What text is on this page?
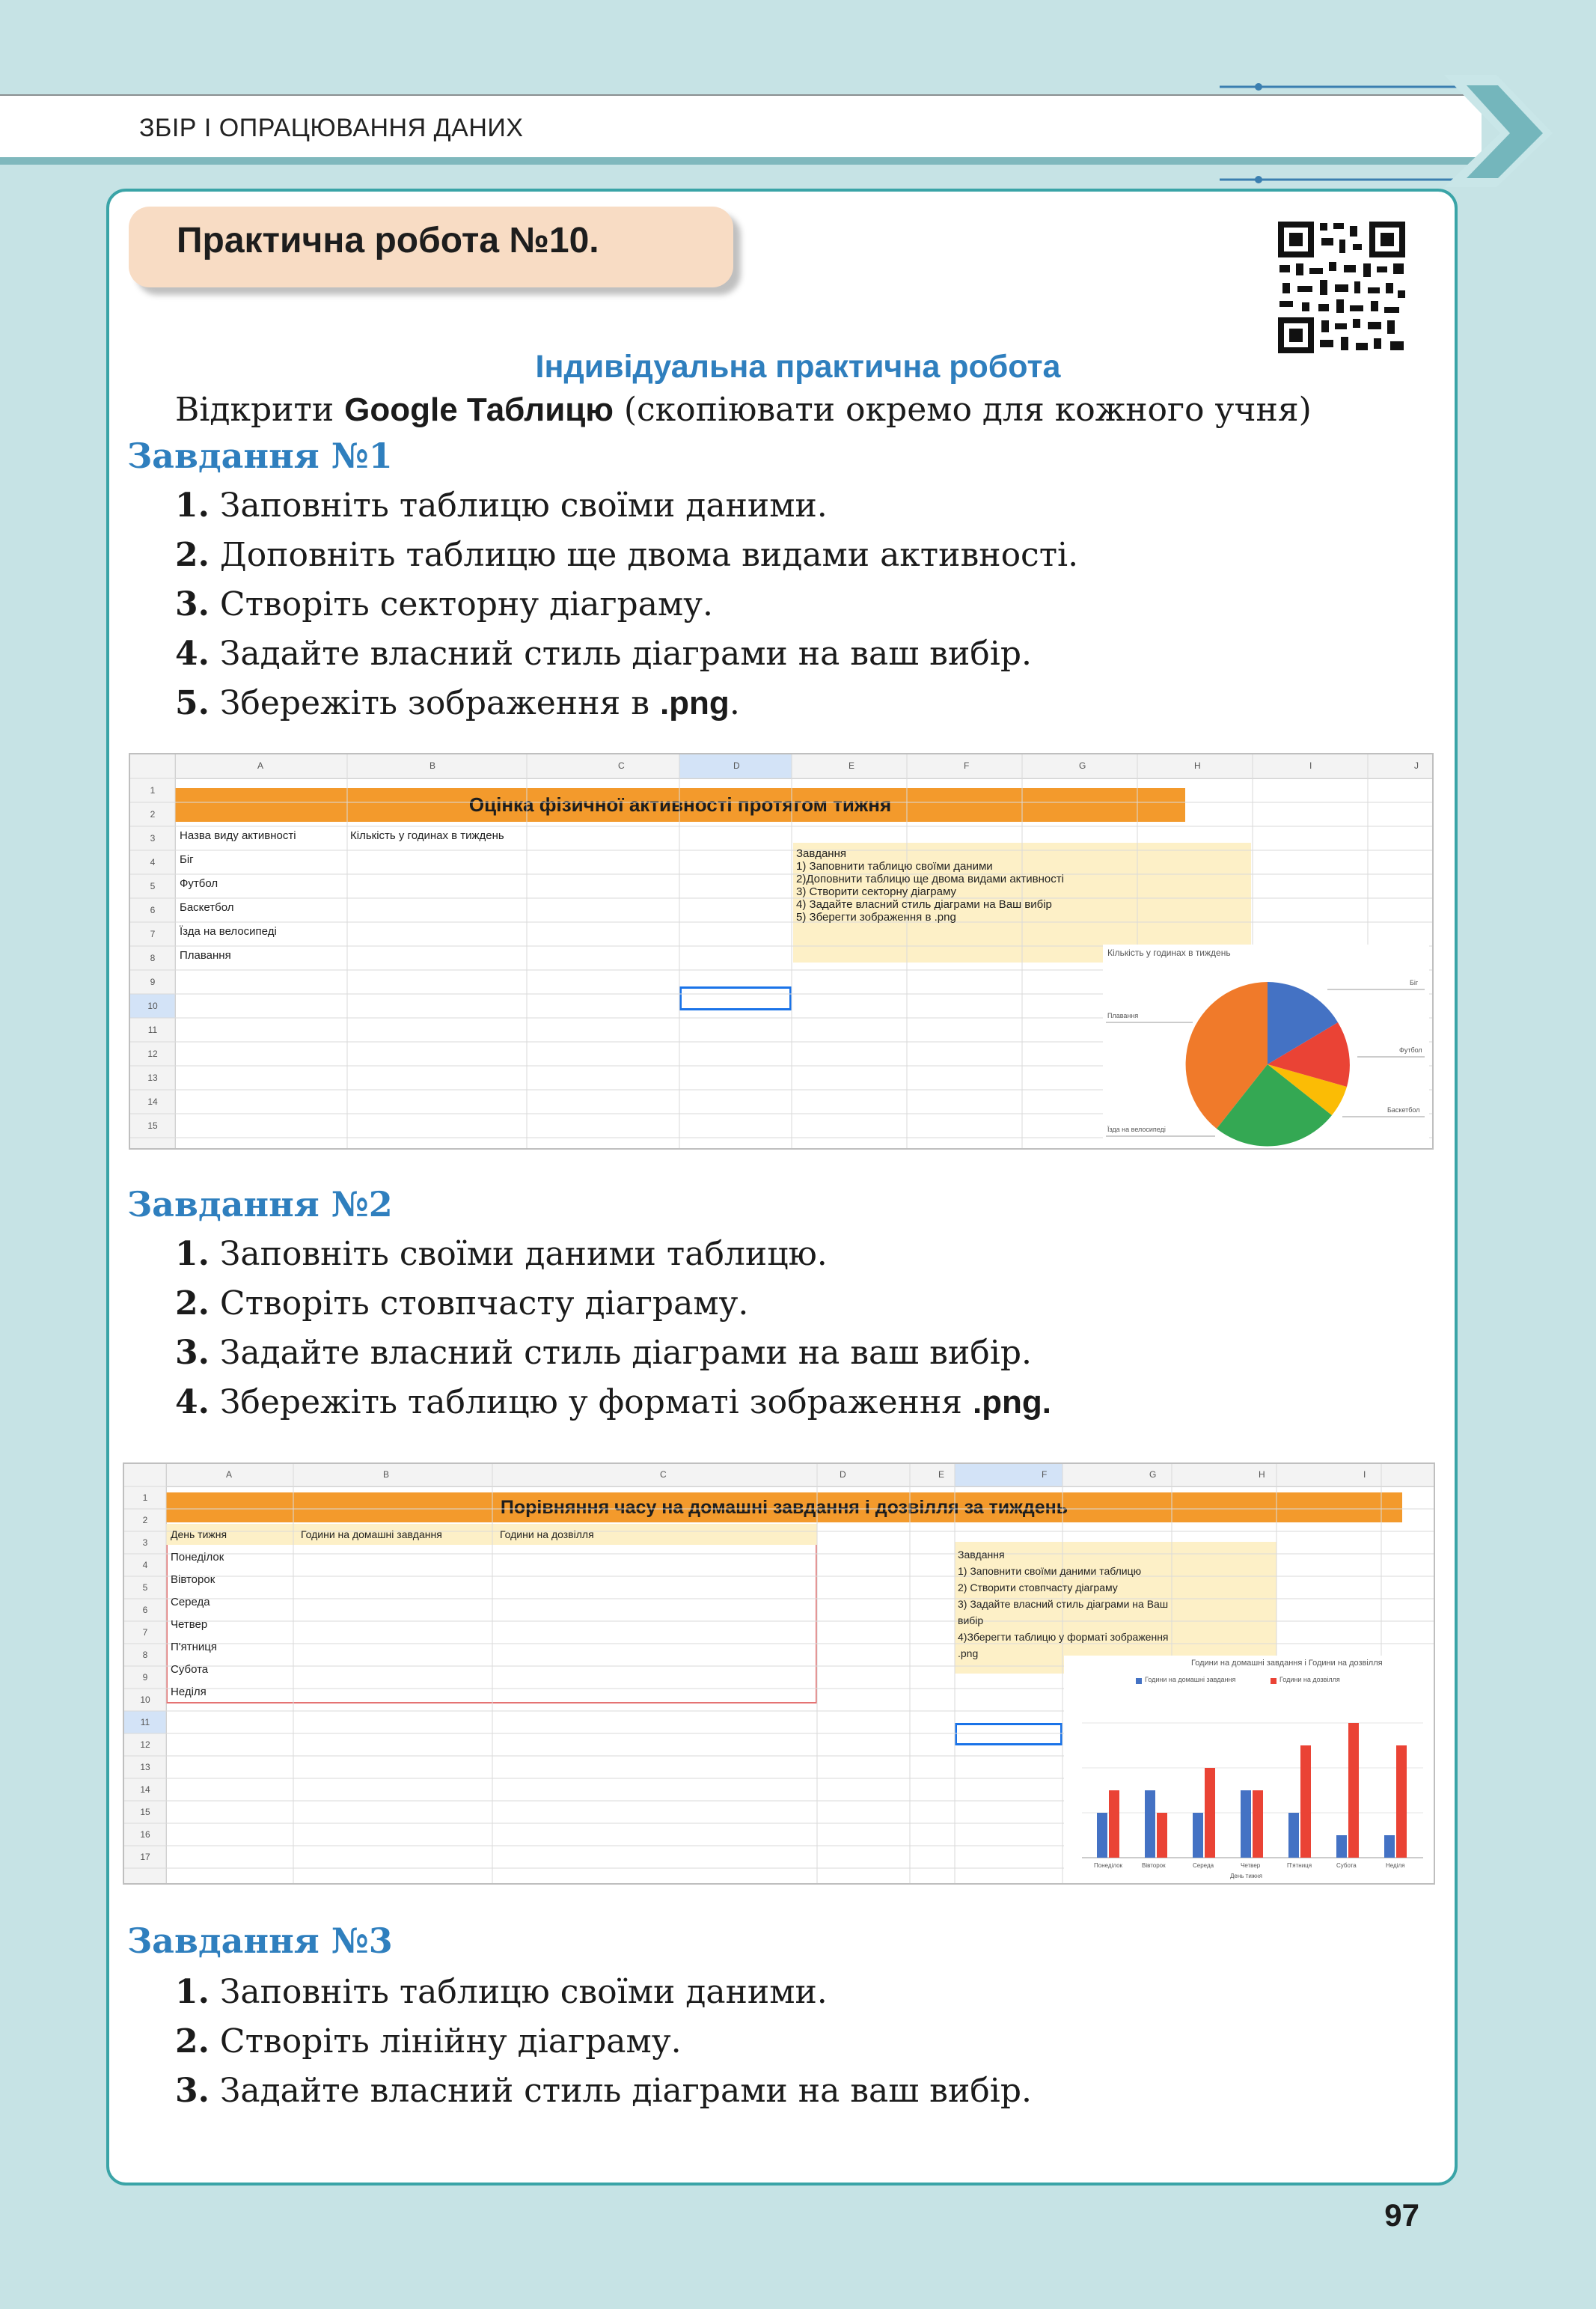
ЗБІР І ОПРАЦЮВАННЯ ДАНИХ
Практична робота №10.
Індивідуальна практична робота
Відкрити Google Таблицю (скопіювати окремо для кожного учня)
Завдання №1
1. Заповніть таблицю своїми даними.
2. Доповніть таблицю ще двома видами активності.
3. Створіть секторну діаграму.
4. Задайте власний стиль діаграми на ваш вибір.
5. Збережіть зображення в .png.
Оцінка фізичної активності протягом тижня
A	B	C	D	E	F	G	H	I	J
1
2
3
4
5
6
7
8
9
10
11
12
13
14
15
Назва виду активності	Кількість у годинах в тиждень
Біг
Футбол
Баскетбол
Їзда на велосипеді
Плавання
Завдання
1) Заповнити таблицю своїми даними
2)Доповнити таблицю ще двома видами активності
3) Створити секторну діаграму
4) Задайте власний стиль діаграми на Ваш вибір
5) Зберегти зображення в .png
Кількість у годинах в тиждень
Плавання
Біг
Футбол
Баскетбол
Їзда на велосипеді
Завдання №2
1. Заповніть своїми даними таблицю.
2. Створіть стовпчасту діаграму.
3. Задайте власний стиль діаграми на ваш вибір.
4. Збережіть таблицю у форматі зображення .png.
Порівняння часу на домашні завдання і дозвілля за тиждень
A	B	C	D	E	F	G	H	I
1
2
3
4
5
6
7
8
9
10
11
12
13
14
15
16
17
День тижня	Години на домашні завдання	Години на дозвілля
Понеділок
Вівторок
Середа
Четвер
П'ятниця
Субота
Неділя
Завдання
1) Заповнити своїми даними таблицю
2) Створити стовпчасту діаграму
3) Задайте власний стиль діаграми на Ваш
вибір
4)Зберегти таблицю у форматі зображення
.png
Години на домашні завдання і Години на дозвілля
Години на домашні завдання	Години на дозвілля
Понеділок	Вівторок	Середа	Четвер	П'ятниця	Субота	Неділя
День тижня
Завдання №3
1. Заповніть таблицю своїми даними.
2. Створіть лінійну діаграму.
3. Задайте власний стиль діаграми на ваш вибір.
97
